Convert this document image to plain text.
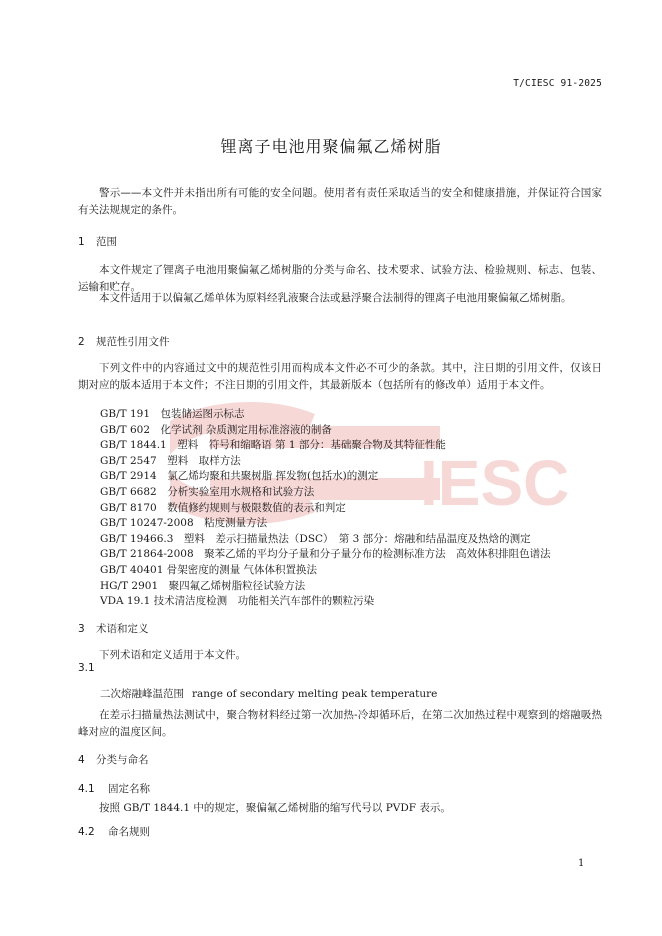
IESC
T/CIESC 91-2025
锂离子电池用聚偏氟乙烯树脂

警示——本文件并未指出所有可能的安全问题。使用者有责任采取适当的安全和健康措施，并保证符合国家有关法规规定的条件。

1 范围

本文件规定了锂离子电池用聚偏氟乙烯树脂的分类与命名、技术要求、试验方法、检验规则、标志、包装、运输和贮存。

本文件适用于以偏氟乙烯单体为原料经乳液聚合法或悬浮聚合法制得的锂离子电池用聚偏氟乙烯树脂。

2 规范性引用文件

下列文件中的内容通过文中的规范性引用而构成本文件必不可少的条款。其中，注日期的引用文件，仅该日期对应的版本适用于本文件；不注日期的引用文件，其最新版本（包括所有的修改单）适用于本文件。

GB/T 191　包装储运图示标志
GB/T 602　化学试剂 杂质测定用标准溶液的制备
GB/T 1844.1　塑料　符号和缩略语 第 1 部分：基础聚合物及其特征性能
GB/T 2547　塑料　取样方法
GB/T 2914　氯乙烯均聚和共聚树脂 挥发物(包括水)的测定
GB/T 6682　分析实验室用水规格和试验方法
GB/T 8170　数值修约规则与极限数值的表示和判定
GB/T 10247-2008　粘度测量方法
GB/T 19466.3　塑料　差示扫描量热法（DSC）　第 3 部分：熔融和结晶温度及热焓的测定
GB/T 21864-2008　聚苯乙烯的平均分子量和分子量分布的检测标准方法　高效体积排阻色谱法
GB/T 40401 骨架密度的测量 气体体积置换法
HG/T 2901　聚四氟乙烯树脂粒径试验方法
VDA 19.1 技术清洁度检测　功能相关汽车部件的颗粒污染
3 术语和定义

下列术语和定义适用于本文件。

3.1
二次熔融峰温范围 range of secondary melting peak temperature

在差示扫描量热法测试中，聚合物材料经过第一次加热-冷却循环后，在第二次加热过程中观察到的熔融吸热峰对应的温度区间。

4 分类与命名
4.1 固定名称

按照 GB/T 1844.1 中的规定，聚偏氟乙烯树脂的缩写代号以 PVDF 表示。

4.2 命名规则
1
